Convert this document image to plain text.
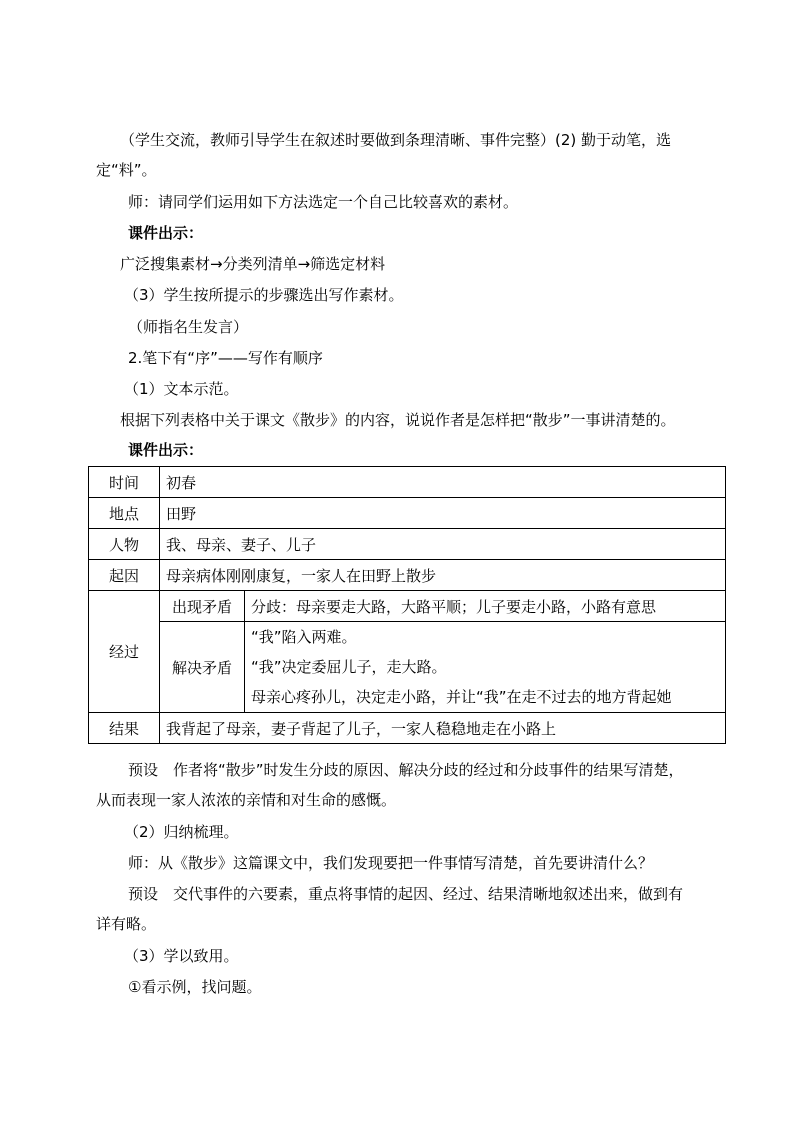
（学生交流，教师引导学生在叙述时要做到条理清晰、事件完整）(2) 勤于动笔，选
定“料”。
师：请同学们运用如下方法选定一个自己比较喜欢的素材。
课件出示：
广泛搜集素材→分类列清单→筛选定材料
（3）学生按所提示的步骤选出写作素材。
（师指名生发言）
2.笔下有“序”——写作有顺序
（1）文本示范。
根据下列表格中关于课文《散步》的内容，说说作者是怎样把“散步”一事讲清楚的。
课件出示：
时间	初春	
地点	田野	
人物	我、母亲、妻子、儿子	
起因	母亲病体刚刚康复，一家人在田野上散步	
经过	出现矛盾	分歧：母亲要走大路，大路平顺；儿子要走小路，小路有意思
	解决矛盾	“我”陷入两难。
“我”决定委屈儿子，走大路。
母亲心疼孙儿，决定走小路，并让“我”在走不过去的地方背起她

结果	我背起了母亲，妻子背起了儿子，一家人稳稳地走在小路上	
预设　作者将“散步”时发生分歧的原因、解决分歧的经过和分歧事件的结果写清楚，
从而表现一家人浓浓的亲情和对生命的感慨。
（2）归纳梳理。
师：从《散步》这篇课文中，我们发现要把一件事情写清楚，首先要讲清什么？
预设　交代事件的六要素，重点将事情的起因、经过、结果清晰地叙述出来，做到有
详有略。
（3）学以致用。
①看示例，找问题。
